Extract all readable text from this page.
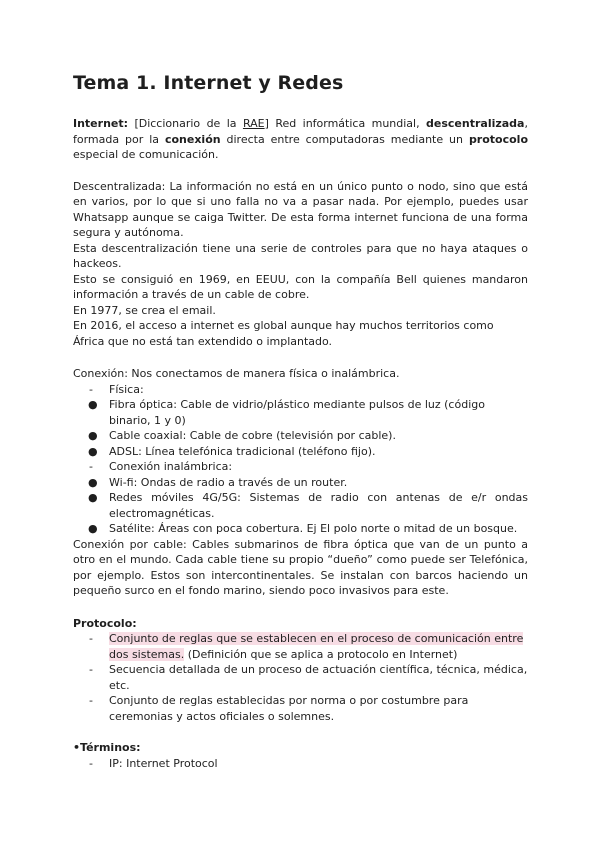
Tema 1. Internet y Redes

Internet: [Diccionario de la RAE] Red informática mundial, descentralizada, formada por la conexión directa entre computadoras mediante un protocolo especial de comunicación.

Descentralizada: La información no está en un único punto o nodo, sino que está en varios, por lo que si uno falla no va a pasar nada. Por ejemplo, puedes usar Whatsapp aunque se caiga Twitter. De esta forma internet funciona de una forma segura y autónoma.

Esta descentralización tiene una serie de controles para que no haya ataques o hackeos.

Esto se consiguió en 1969, en EEUU, con la compañía Bell quienes mandaron información a través de un cable de cobre.

En 1977, se crea el email.

En 2016, el acceso a internet es global aunque hay muchos territorios como África que no está tan extendido o implantado.

Conexión: Nos conectamos de manera física o inalámbrica.

-	Física:
●	Fibra óptica: Cable de vidrio/plástico mediante pulsos de luz (código binario, 1 y 0)
●	Cable coaxial: Cable de cobre (televisión por cable).
●	ADSL: Línea telefónica tradicional (teléfono fijo).
-	Conexión inalámbrica:
●	Wi-fi: Ondas de radio a través de un router.
●	Redes móviles 4G/5G: Sistemas de radio con antenas de e/r ondas electromagnéticas.
●	Satélite: Áreas con poca cobertura. Ej El polo norte o mitad de un bosque.

Conexión por cable: Cables submarinos de fibra óptica que van de un punto a otro en el mundo. Cada cable tiene su propio “dueño” como puede ser Telefónica, por ejemplo. Estos son intercontinentales. Se instalan con barcos haciendo un pequeño surco en el fondo marino, siendo poco invasivos para este.

Protocolo:

-	Conjunto de reglas que se establecen en el proceso de comunicación entre dos sistemas. (Definición que se aplica a protocolo en Internet)
-	Secuencia detallada de un proceso de actuación científica, técnica, médica, etc.
-	Conjunto de reglas establecidas por norma o por costumbre para ceremonias y actos oficiales o solemnes.

•Términos:

-	IP: Internet Protocol
